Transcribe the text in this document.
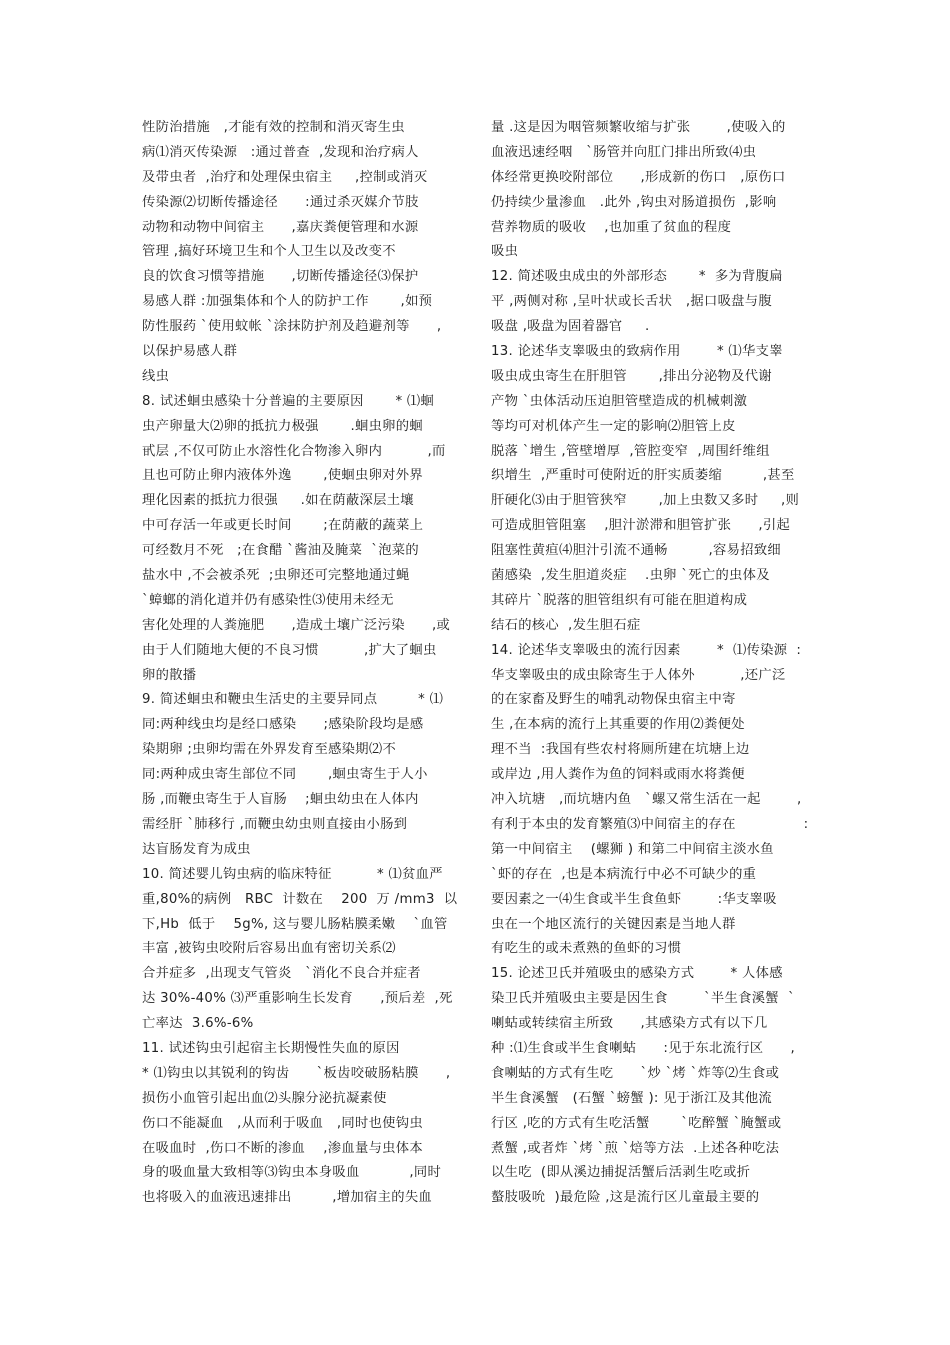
性防治措施   ,才能有效的控制和消灭寄生虫
病⑴消灭传染源   :通过普查  ,发现和治疗病人
及带虫者  ,治疗和处理保虫宿主     ,控制或消灭
传染源⑵切断传播途径      :通过杀灭媒介节肢
动物和动物中间宿主      ,嘉庆粪便管理和水源
管理 ,搞好环境卫生和个人卫生以及改变不
良的饮食习惯等措施      ,切断传播途径⑶保护
易感人群 :加强集体和个人的防护工作       ,如预
防性服药 `使用蚊帐 `涂抹防护剂及趋避剂等      ,
以保护易感人群
线虫
8. 试述蛔虫感染十分普遍的主要原因       * ⑴蛔
虫产卵量大⑵卵的抵抗力极强       .蛔虫卵的蛔
甙层 ,不仅可防止水溶性化合物渗入卵内          ,而
且也可防止卵内液体外逸       ,使蛔虫卵对外界
理化因素的抵抗力很强     .如在荫蔽深层土壤
中可存活一年或更长时间       ;在荫蔽的蔬菜上
可经数月不死   ;在食醋 `酱油及腌菜  `泡菜的
盐水中 ,不会被杀死  ;虫卵还可完整地通过蝇
`蟑螂的消化道并仍有感染性⑶使用未经无
害化处理的人粪施肥      ,造成土壤广泛污染      ,或
由于人们随地大便的不良习惯          ,扩大了蛔虫
卵的散播
9. 简述蛔虫和鞭虫生活史的主要异同点         * ⑴
同:两种线虫均是经口感染      ;感染阶段均是感
染期卵 ;虫卵均需在外界发育至感染期⑵不
同:两种成虫寄生部位不同       ,蛔虫寄生于人小
肠 ,而鞭虫寄生于人盲肠    ;蛔虫幼虫在人体内
需经肝 `肺移行 ,而鞭虫幼虫则直接由小肠到
达盲肠发育为成虫
10. 简述婴儿钩虫病的临床特征          * ⑴贫血严
重,80%的病例   RBC  计数在    200  万 /mm3  以
下,Hb  低于    5g%, 这与婴儿肠粘膜柔嫩    `血管
丰富 ,被钩虫咬附后容易出血有密切关系⑵
合并症多  ,出现支气管炎   `消化不良合并症者
达 30%-40% ⑶严重影响生长发育      ,预后差  ,死
亡率达  3.6%-6%
11. 试述钩虫引起宿主长期慢性失血的原因
* ⑴钩虫以其锐利的钩齿      `板齿咬破肠粘膜      ,
损伤小血管引起出血⑵头腺分泌抗凝素使
伤口不能凝血   ,从而利于吸血   ,同时也使钩虫
在吸血时  ,伤口不断的渗血    ,渗血量与虫体本
身的吸血量大致相等⑶钩虫本身吸血           ,同时
也将吸入的血液迅速排出         ,增加宿主的失血
量 .这是因为咽管频繁收缩与扩张        ,使吸入的
血液迅速经咽   `肠管并向肛门排出所致⑷虫
体经常更换咬附部位      ,形成新的伤口   ,原伤口
仍持续少量渗血   .此外 ,钩虫对肠道损伤  ,影响
营养物质的吸收    ,也加重了贫血的程度
吸虫
12. 简述吸虫成虫的外部形态       *  多为背腹扁
平 ,两侧对称 ,呈叶状或长舌状   ,据口吸盘与腹
吸盘 ,吸盘为固着器官     .
13. 论述华支睾吸虫的致病作用        * ⑴华支睾
吸虫成虫寄生在肝胆管       ,排出分泌物及代谢
产物 `虫体活动压迫胆管壁造成的机械刺激
等均可对机体产生一定的影响⑵胆管上皮
脱落 `增生 ,管壁增厚  ,管腔变窄  ,周围纤维组
织增生  ,严重时可使附近的肝实质萎缩         ,甚至
肝硬化⑶由于胆管狭窄       ,加上虫数又多时     ,则
可造成胆管阻塞    ,胆汁淤滞和胆管扩张      ,引起
阻塞性黄疸⑷胆汁引流不通畅         ,容易招致细
菌感染  ,发生胆道炎症    .虫卵 `死亡的虫体及
其碎片 `脱落的胆管组织有可能在胆道构成
结石的核心  ,发生胆石症
14. 论述华支睾吸虫的流行因素        *  ⑴传染源  :
华支睾吸虫的成虫除寄生于人体外          ,还广泛
的在家畜及野生的哺乳动物保虫宿主中寄
生 ,在本病的流行上其重要的作用⑵粪便处
理不当  :我国有些农村将厕所建在坑塘上边
或岸边 ,用人粪作为鱼的饲料或雨水将粪便
冲入坑塘   ,而坑塘内鱼   `螺又常生活在一起        ,
有利于本虫的发育繁殖⑶中间宿主的存在               :
第一中间宿主    (螺狮 ) 和第二中间宿主淡水鱼
`虾的存在  ,也是本病流行中必不可缺少的重
要因素之一⑷生食或半生食鱼虾        :华支睾吸
虫在一个地区流行的关键因素是当地人群
有吃生的或未煮熟的鱼虾的习惯
15. 论述卫氏并殖吸虫的感染方式        * 人体感
染卫氏并殖吸虫主要是因生食        `半生食溪蟹  `
喇蛄或转续宿主所致      ,其感染方式有以下几
种 :⑴生食或半生食喇蛄      :见于东北流行区      ,
食喇蛄的方式有生吃      `炒 `烤 `炸等⑵生食或
半生食溪蟹   (石蟹 `螃蟹 ): 见于浙江及其他流
行区 ,吃的方式有生吃活蟹       `吃醉蟹 `腌蟹或
煮蟹 ,或者炸 `烤 `煎 `焙等方法  .上述各种吃法
以生吃  (即从溪边捕捉活蟹后活剥生吃或折
螯肢吸吮  )最危险 ,这是流行区儿童最主要的
